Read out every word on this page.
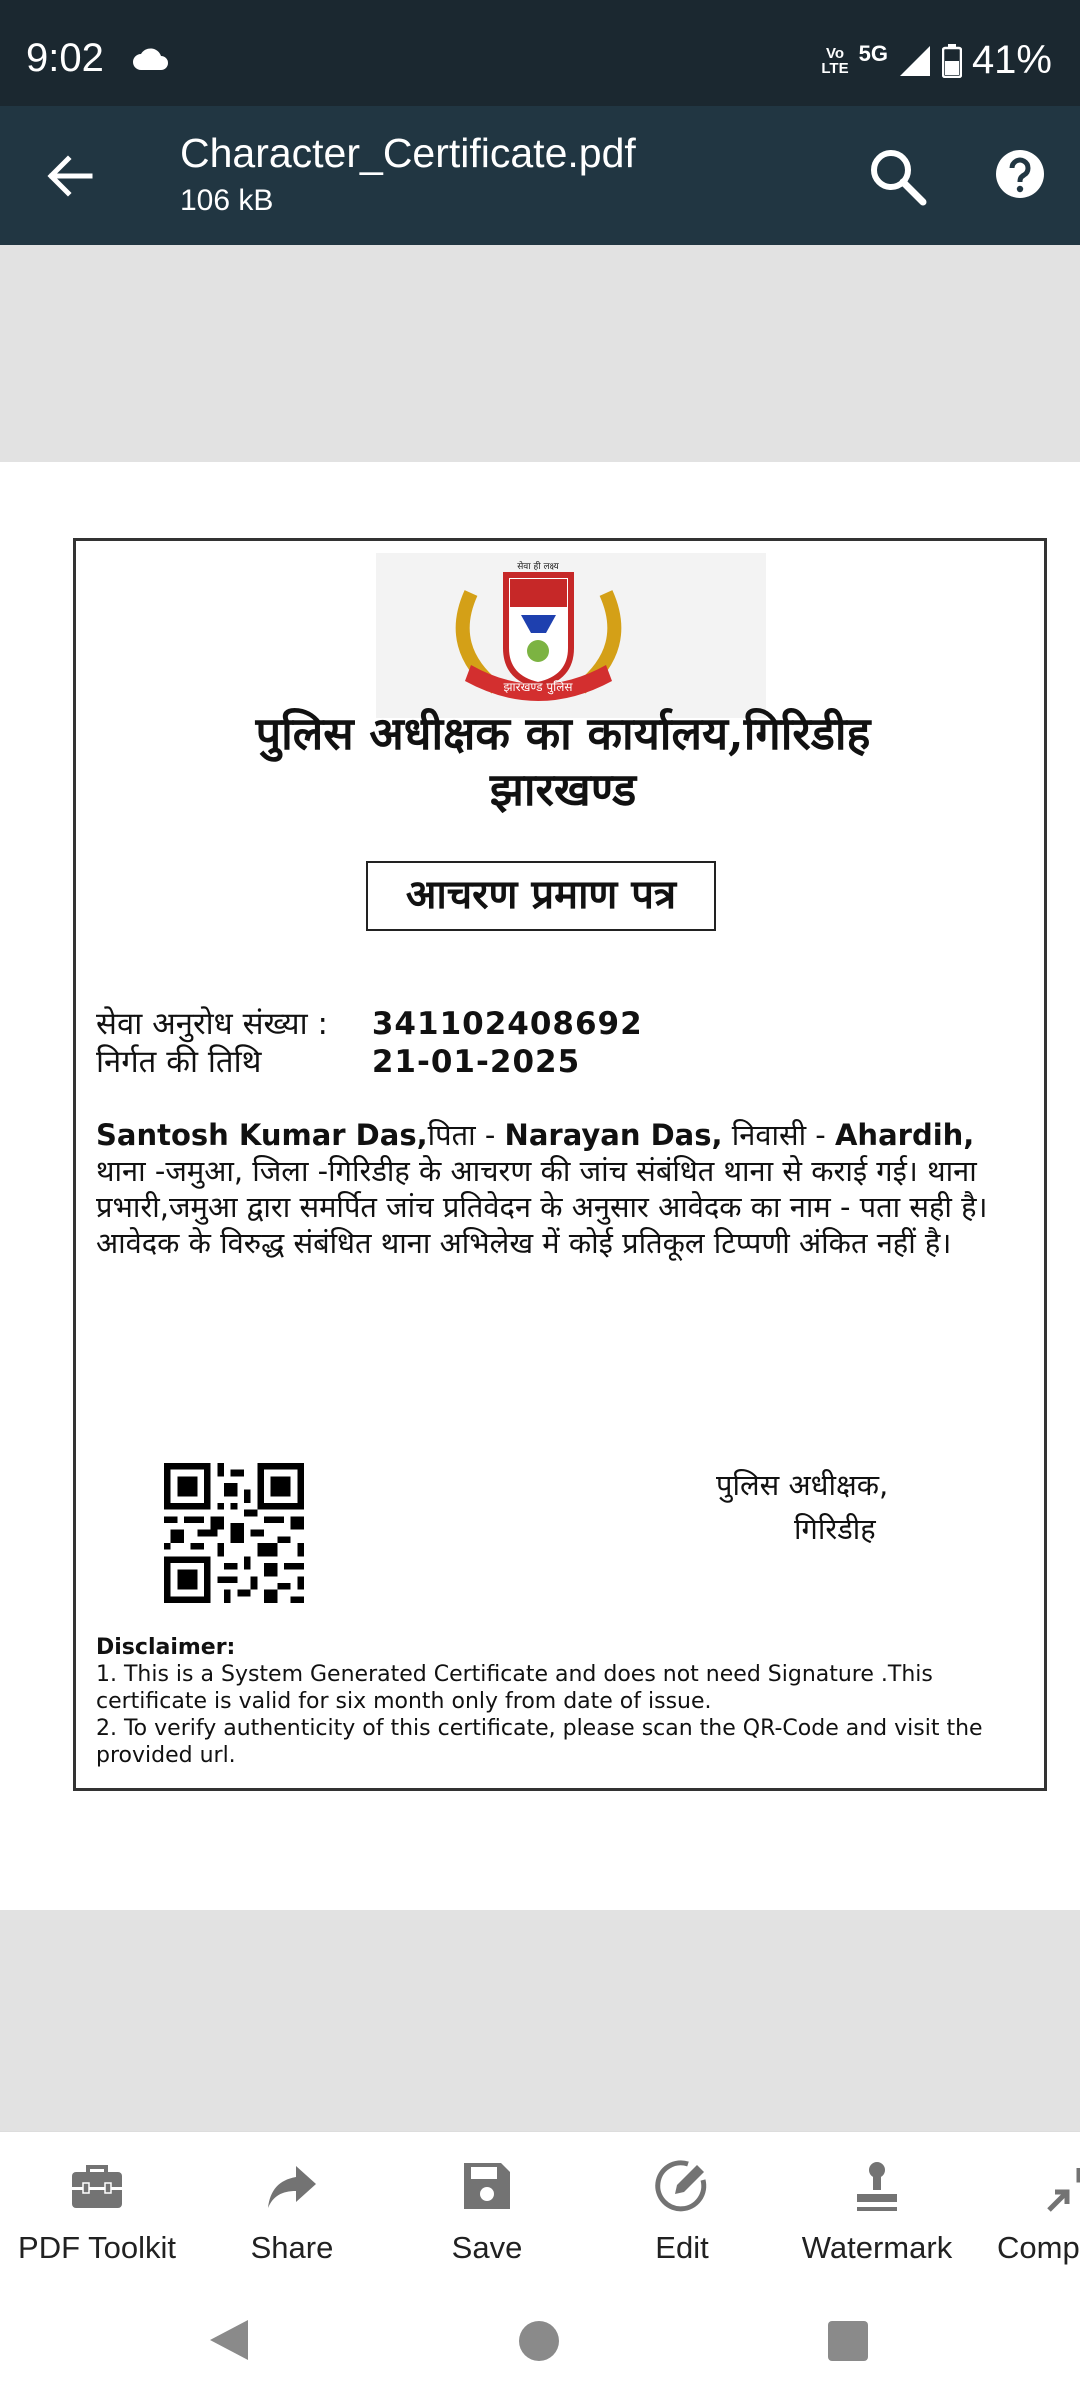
9:02	Vo
LTE
5G 41%
Character_Certificate.pdf
106 kB
झारखण्ड पुलिस
सेवा ही लक्ष्य
पुलिस अधीक्षक का कार्यालय,गिरिडीह
झारखण्ड
आचरण प्रमाण पत्र
सेवा अनुरोध संख्या : 341102408692
निर्गत की तिथि	21-01-2025
Santosh Kumar Das,पिता - Narayan Das, निवासी - Ahardih, थाना -जमुआ, जिला -गिरिडीह के आचरण की जांच संबंधित थाना से कराई गई। थाना प्रभारी,जमुआ द्वारा समर्पित जांच प्रतिवेदन के अनुसार आवेदक का नाम - पता सही है। आवेदक के विरुद्ध संबंधित थाना अभिलेख में कोई प्रतिकूल टिप्पणी अंकित नहीं है।
पुलिस अधीक्षक,
गिरिडीह
Disclaimer:
1. This is a System Generated Certificate and does not need Signature .This certificate is valid for six month only from date of issue.
2. To verify authenticity of this certificate, please scan the QR-Code and visit the provided url.
PDF Toolkit	Share	Save	Edit	Watermark	Comp
